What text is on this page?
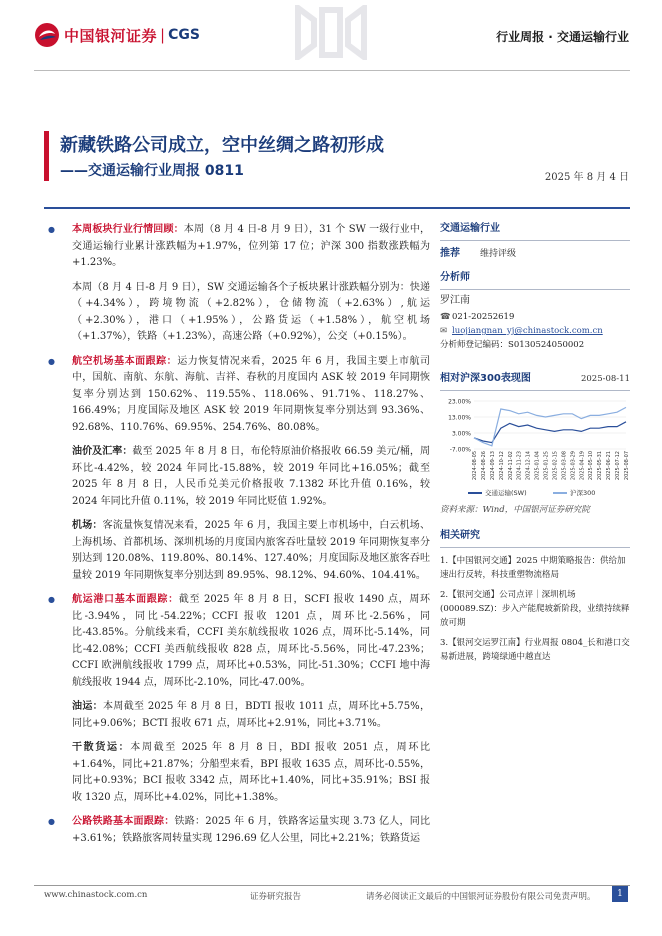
中国银河证券 | CGS	行业周报 · 交通运输行业
新藏铁路公司成立，空中丝绸之路初形成
——交通运输行业周报 0811	2025 年 8 月 4 日
● 本周板块行业行情回顾：本周（8 月 4 日-8 月 9 日），31 个 SW 一级行业中，交通运输行业累计涨跌幅为+1.97%，位列第 17 位；沪深 300 指数涨跌幅为+1.23%。
本周（8 月 4 日-8 月 9 日），SW 交通运输各个子板块累计涨跌幅分别为：快递（+4.34%），跨境物流（+2.82%），仓储物流（+2.63%）,航运（+2.30%），港口（+1.95%），公路货运（+1.58%），航空机场（+1.37%），铁路（+1.23%），高速公路（+0.92%），公交（+0.15%）。
● 航空机场基本面跟踪：运力恢复情况来看，2025 年 6 月，我国主要上市航司中，国航、南航、东航、海航、吉祥、春秋的月度国内 ASK 较 2019 年同期恢复率分别达到 150.62%、119.55%、118.06%、91.71%、118.27%、166.49%；月度国际及地区 ASK 较 2019 年同期恢复率分别达到 93.36%、92.68%、110.76%、69.95%、254.76%、80.08%。
油价及汇率：截至 2025 年 8 月 8 日，布伦特原油价格报收 66.59 美元/桶，周环比-4.42%，较 2024 年同比-15.88%，较 2019 年同比+16.05%；截至 2025 年 8 月 8 日，人民币兑美元价格报收 7.1382 环比升值 0.16%，较 2024 年同比升值 0.11%，较 2019 年同比贬值 1.92%。
机场：客流量恢复情况来看，2025 年 6 月，我国主要上市机场中，白云机场、上海机场、首都机场、深圳机场的月度国内旅客吞吐量较 2019 年同期恢复率分别达到 120.08%、119.80%、80.14%、127.40%；月度国际及地区旅客吞吐量较 2019 年同期恢复率分别达到 89.95%、98.12%、94.60%、104.41%。
● 航运港口基本面跟踪：截至 2025 年 8 月 8 日，SCFI 报收 1490 点，周环比-3.94%，同比-54.22%；CCFI 报收 1201 点，周环比-2.56%，同比-43.85%。分航线来看，CCFI 美东航线报收 1026 点，周环比-5.14%，同比-42.08%；CCFI 美西航线报收 828 点，周环比-5.56%，同比-47.23%；CCFI 欧洲航线报收 1799 点，周环比+0.53%，同比-51.30%；CCFI 地中海航线报收 1944 点，周环比-2.10%，同比-47.00%。
油运：本周截至 2025 年 8 月 8 日，BDTI 报收 1011 点，周环比+5.75%，同比+9.06%；BCTI 报收 671 点，周环比+2.91%，同比+3.71%。
干散货运：本周截至 2025 年 8 月 8 日，BDI 报收 2051 点，周环比+1.64%，同比+21.87%；分船型来看，BPI 报收 1635 点，周环比-0.55%，同比+0.93%；BCI 报收 3342 点，周环比+1.40%，同比+35.91%；BSI 报收 1320 点，周环比+4.02%，同比+1.38%。
● 公路铁路基本面跟踪：铁路：2025 年 6 月，铁路客运量实现 3.73 亿人，同比+3.61%；铁路旅客周转量实现 1296.69 亿人公里，同比+2.21%；铁路货运
交通运输行业
推荐 维持评级
分析师
罗江南
☎ 021-20252619
✉ luojiangnan_yj@chinastock.com.cn
分析师登记编码：S0130524050002
相对沪深300表现图	2025-08-11
23.00%
13.00%
3.00%
-7.00%
2024-08-05 2024-08-26 2024-09-13 2024-10-12 2024-11-02 2024-11-23 2024-12-14 2025-01-04 2025-01-25 2025-02-15 2025-03-08 2025-03-29 2025-04-19 2025-05-10 2025-05-31 2025-06-21 2025-07-12 2025-08-07
交通运输(SW)	沪深300
资料来源：Wind，中国银河证券研究院
相关研究
1.【中国银河交通】2025 中期策略报告：供给加速出行反转，科技重塑物流格局
2.【银河交通】公司点评｜深圳机场 (000089.SZ)：步入产能爬坡新阶段，业绩持续释放可期
3.【银河交运罗江南】行业周报 0804_长和港口交易新进展，跨境绿通中越直达
www.chinastock.com.cn	证券研究报告	请务必阅读正文最后的中国银河证券股份有限公司免责声明。	1
